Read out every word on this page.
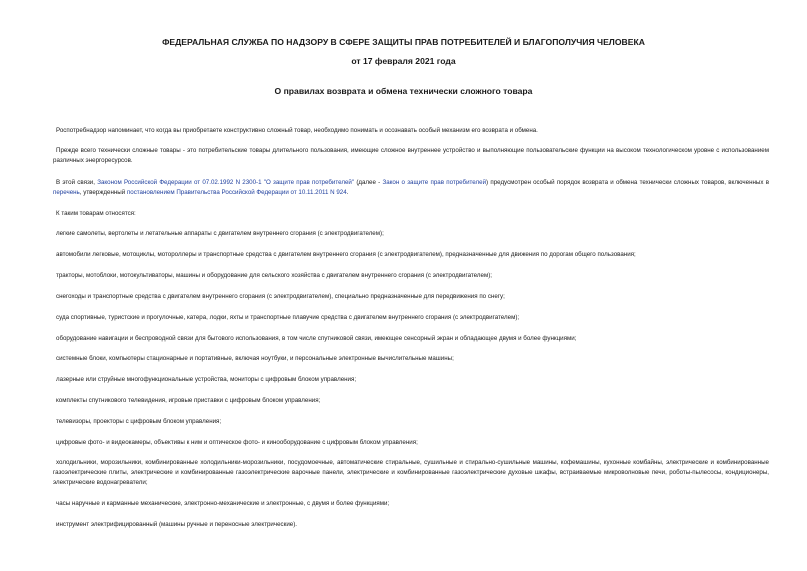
ФЕДЕРАЛЬНАЯ СЛУЖБА ПО НАДЗОРУ В СФЕРЕ ЗАЩИТЫ ПРАВ ПОТРЕБИТЕЛЕЙ И БЛАГОПОЛУЧИЯ ЧЕЛОВЕКА
от 17 февраля 2021 года
О правилах возврата и обмена технически сложного товара
Роспотребнадзор напоминает, что когда вы приобретаете конструктивно сложный товар, необходимо понимать и осознавать особый механизм его возврата и обмена.
Прежде всего технически сложные товары - это потребительские товары длительного пользования, имеющие сложное внутреннее устройство и выполняющие пользовательские функции на высоком технологическом уровне с использованием различных энергоресурсов.
В этой связи, Законом Российской Федерации от 07.02.1992 N 2300-1 "О защите прав потребителей" (далее - Закон о защите прав потребителей) предусмотрен особый порядок возврата и обмена технически сложных товаров, включенных в перечень, утвержденный постановлением Правительства Российской Федерации от 10.11.2011 N 924.
К таким товарам относятся:
легкие самолеты, вертолеты и летательные аппараты с двигателем внутреннего сгорания (с электродвигателем);
автомобили легковые, мотоциклы, мотороллеры и транспортные средства с двигателем внутреннего сгорания (с электродвигателем), предназначенные для движения по дорогам общего пользования;
тракторы, мотоблоки, мотокультиваторы, машины и оборудование для сельского хозяйства с двигателем внутреннего сгорания (с электродвигателем);
снегоходы и транспортные средства с двигателем внутреннего сгорания (с электродвигателем), специально предназначенные для передвижения по снегу;
суда спортивные, туристские и прогулочные, катера, лодки, яхты и транспортные плавучие средства с двигателем внутреннего сгорания (с электродвигателем);
оборудование навигации и беспроводной связи для бытового использования, в том числе спутниковой связи, имеющее сенсорный экран и обладающее двумя и более функциями;
системные блоки, компьютеры стационарные и портативные, включая ноутбуки, и персональные электронные вычислительные машины;
лазерные или струйные многофункциональные устройства, мониторы с цифровым блоком управления;
комплекты спутникового телевидения, игровые приставки с цифровым блоком управления;
телевизоры, проекторы с цифровым блоком управления;
цифровые фото- и видеокамеры, объективы к ним и оптическое фото- и кинооборудование с цифровым блоком управления;
холодильники, морозильники, комбинированные холодильники-морозильники, посудомоечные, автоматические стиральные, сушильные и стирально-сушильные машины, кофемашины, кухонные комбайны, электрические и комбинированные газоэлектрические плиты, электрические и комбинированные газоэлектрические варочные панели, электрические и комбинированные газоэлектрические духовые шкафы, встраиваемые микроволновые печи, роботы-пылесосы, кондиционеры, электрические водонагреватели;
часы наручные и карманные механические, электронно-механические и электронные, с двумя и более функциями;
инструмент электрифицированный (машины ручные и переносные электрические).
